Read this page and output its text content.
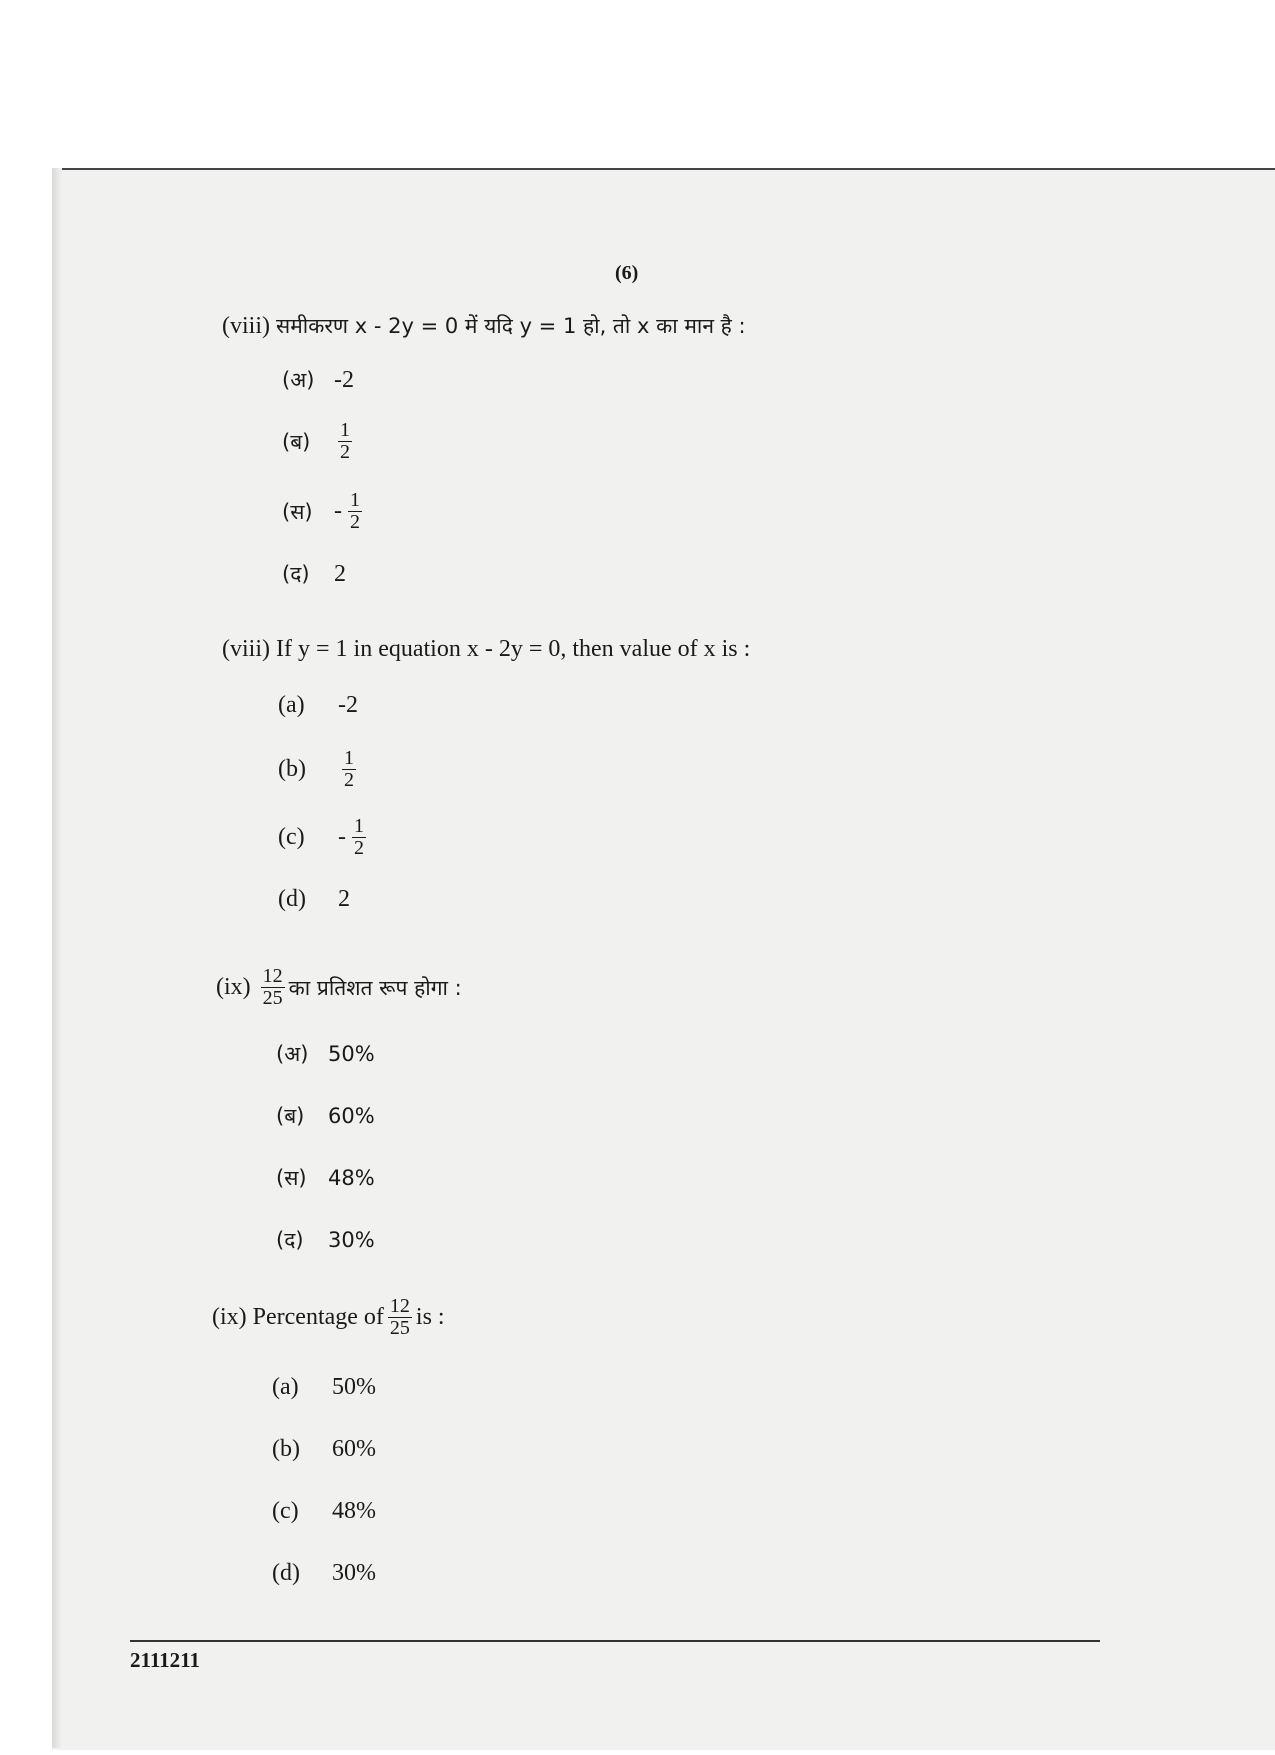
(6)
(viii) समीकरण x - 2y = 0 में यदि y = 1 हो, तो x का मान है :
(अ) -2
(ब)	$\frac{1}{2}$
(स) - $\frac{1}{2}$
(द)	2
(viii) If y = 1 in equation x - 2y = 0, then value of x is :
(a)	-2
(b)	$\frac{1}{2}$
(c)	- $\frac{1}{2}$
(d)	2
$(ix) \frac{12}{25}$ का प्रतिशत रूप होगा :
(अ) 50%
(ब)	60%
(स)	48%
(द)	30%
(ix) Percentage of $\frac{12}{25}$ is :
(a)	50%
(b)	60%
(c)	48%
(d)	30%
2111211
